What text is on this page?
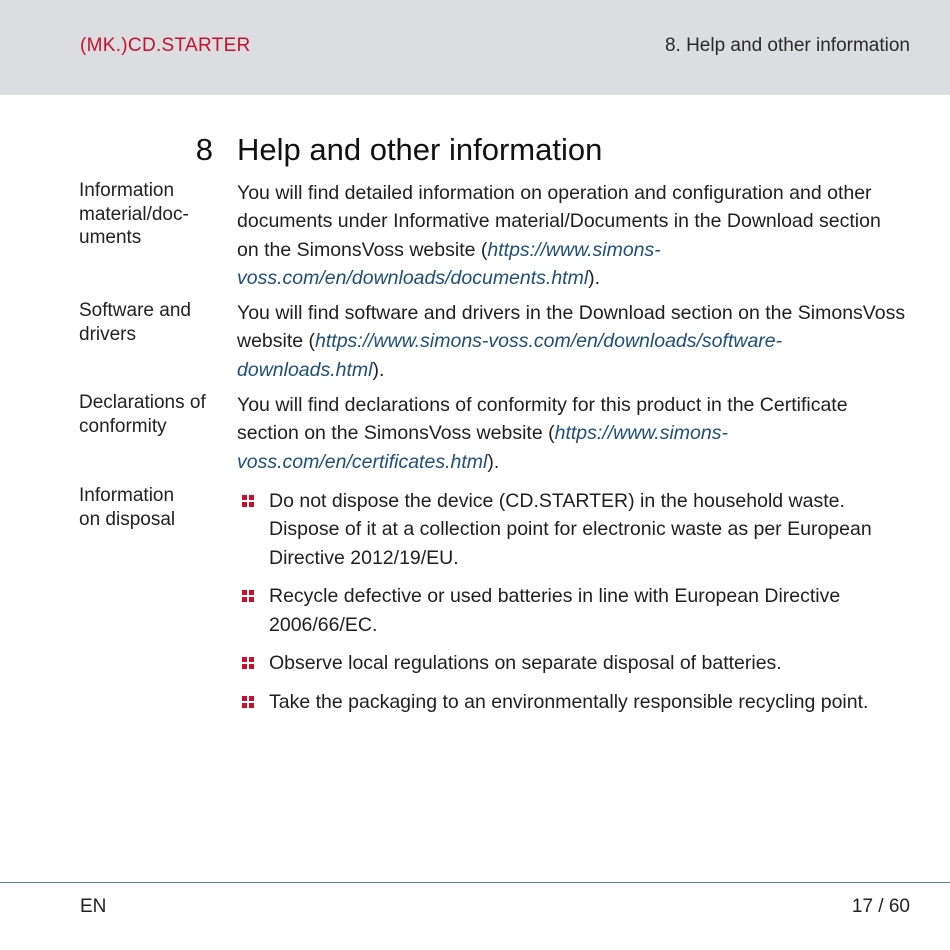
(MK.)CD.STARTER	8. Help and other information
8 Help and other information
Information material/doc-uments
You will find detailed information on operation and configuration and other documents under Informative material/Documents in the Download section on the SimonsVoss website (https://www.simons-voss.com/en/downloads/documents.html).
Software and drivers
You will find software and drivers in the Download section on the SimonsVoss website (https://www.simons-voss.com/en/downloads/software-downloads.html).
Declarations of conformity
You will find declarations of conformity for this product in the Certificate section on the SimonsVoss website (https://www.simons-voss.com/en/certificates.html).
Information on disposal
Do not dispose the device (CD.STARTER) in the household waste. Dispose of it at a collection point for electronic waste as per European Directive 2012/19/EU.
Recycle defective or used batteries in line with European Directive 2006/66/EC.
Observe local regulations on separate disposal of batteries.
Take the packaging to an environmentally responsible recycling point.
EN	17 / 60
